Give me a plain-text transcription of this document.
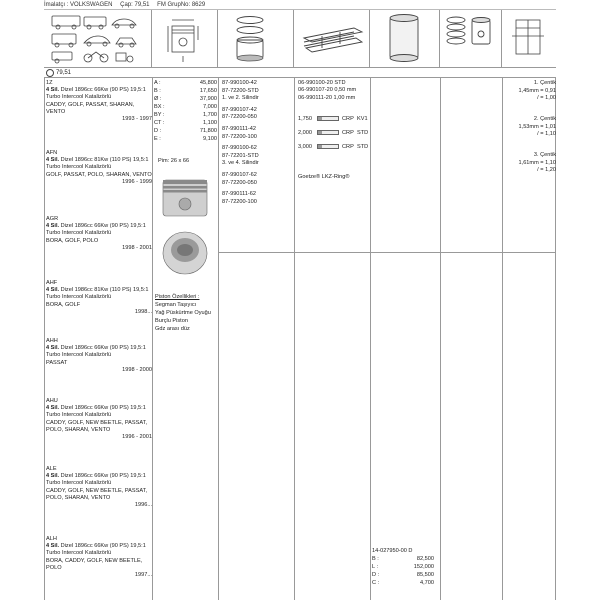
İmalatçı : VOLKSWAGEN Çap: 79,51 FM GrupNo: 8629
79,51
1Z
4 Sil. Dizel 1896cc 66Kw (90 PS) 19,5:1
Turbo Intercool Katalizörlü
CADDY, GOLF, PASSAT, SHARAN, VENTO
1993 - 1997
AFN
4 Sil. Dizel 1896cc 81Kw (110 PS) 19,5:1
Turbo Intercool Katalizörlü
GOLF, PASSAT, POLO, SHARAN, VENTO
1996 - 1999
AGR
4 Sil. Dizel 1896cc 66Kw (90 PS) 19,5:1
Turbo Intercool Katalizörlü
BORA, GOLF, POLO
1998 - 2001
AHF
4 Sil. Dizel 1986cc 81Kw (110 PS) 19,5:1
Turbo Intercool Katalizörlü
BORA, GOLF
1998...
AHH
4 Sil. Dizel 1896cc 66Kw (90 PS) 19,5:1
Turbo Intercool Katalizörlü
PASSAT
1998 - 2000
AHU
4 Sil. Dizel 1896cc 66Kw (90 PS) 19,5:1
Turbo Intercool Katalizörlü
CADDY, GOLF, NEW BEETLE, PASSAT, POLO, SHARAN, VENTO
1996 - 2001
ALE
4 Sil. Dizel 1896cc 66Kw (90 PS) 19,5:1
Turbo Intercool Katalizörlü
CADDY, GOLF, NEW BEETLE, PASSAT, POLO, SHARAN, VENTO
1996...
ALH
4 Sil. Dizel 1896cc 66Kw (90 PS) 19,5:1
Turbo Intercool Katalizörlü
BORA, CADDY, GOLF, NEW BEETLE, POLO
1997...
A :	45,800
B :	17,650
Ø :	37,900
BX :	7,000
BY :	1,700
CT :	1,100
D :	71,800
E :	9,100
Pim: 26 x 66
Piston Özellikleri :
Segman Taşıyıcı
Yağ Püskürtme Oyuğu
Burçlu Piston
Gdz arası düz
87-990100-42
87-72200-STD
1. ve 2. Silindir
87-990107-42
87-72200-050
87-990111-42
87-72200-100
87-990100-62
87-72201-STD
3. ve 4. Silindir
87-990107-62
87-72200-050
87-990111-62
87-72200-100
06-990100-20 STD
06-990107-20 0,50 mm
06-990111-20 1,00 mm
1,750	CRP KV1
2,000	CRP STD
3,000	CRP STD
Goetze® LKZ-Ring®
1. Çentik
1,45mm = 0,91
/ = 1,00
2. Çentik
1,53mm = 1,01
/ = 1,10
3. Çentik
1,61mm = 1,10
/ = 1,20
14-027950-00 D
B :	82,500
L :	152,000
D :	85,500
C :	4,700
